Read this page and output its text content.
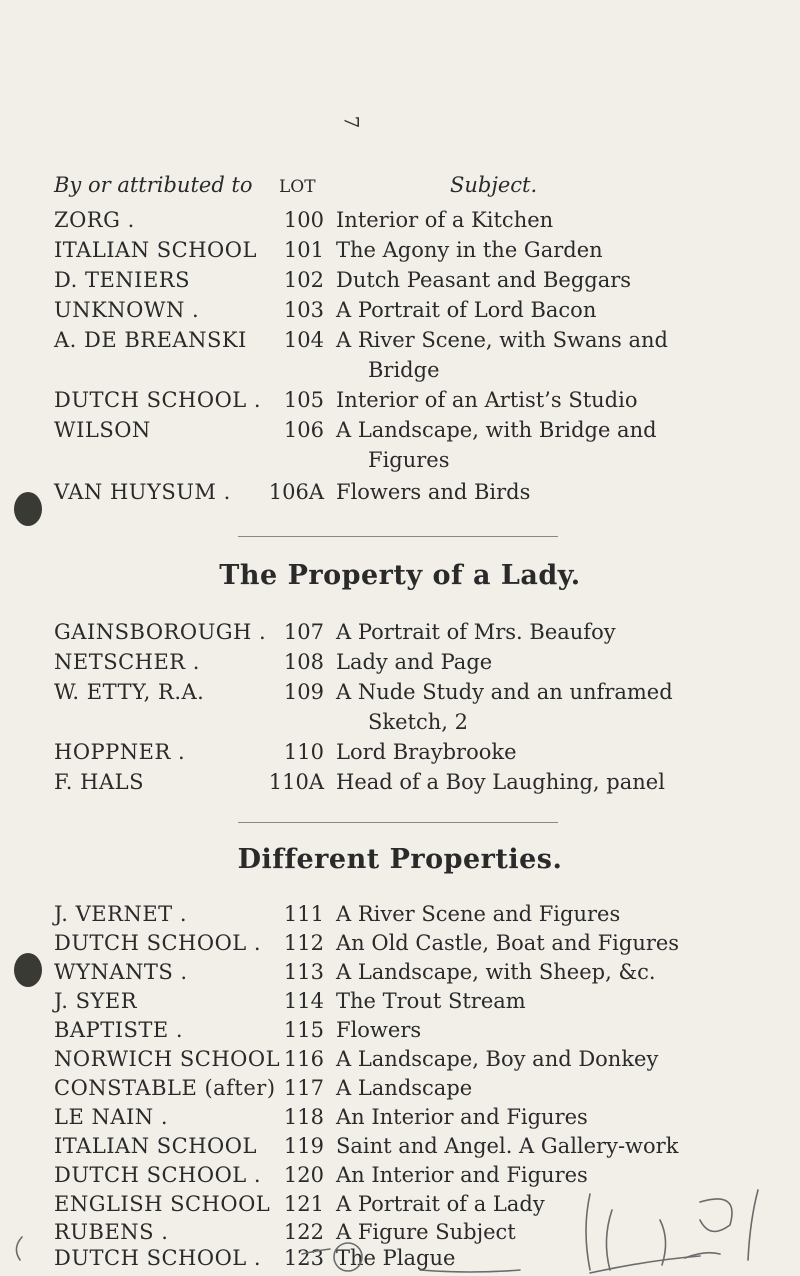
7
By or attributed to LOT	Subject.
ZORG .	100 Interior of a Kitchen
ITALIAN SCHOOL	101 The Agony in the Garden
D. TENIERS	102 Dutch Peasant and Beggars
UNKNOWN .	103 A Portrait of Lord Bacon
A. DE BREANSKI	104 A River Scene, with Swans and
Bridge
DUTCH SCHOOL .	105 Interior of an Artist’s Studio
WILSON	106 A Landscape, with Bridge and
Figures
VAN HUYSUM .	106A Flowers and Birds
The Property of a Lady.
GAINSBOROUGH . 107 A Portrait of Mrs. Beaufoy
NETSCHER .	108 Lady and Page
W. ETTY, R.A.	109 A Nude Study and an unframed
Sketch, 2
HOPPNER .	110 Lord Braybrooke
F. HALS	110A Head of a Boy Laughing, panel
Different Properties.
J. VERNET .	111 A River Scene and Figures
DUTCH SCHOOL .	112 An Old Castle, Boat and Figures
WYNANTS .	113 A Landscape, with Sheep, &c.
J. SYER	114 The Trout Stream
BAPTISTE .	115 Flowers
NORWICH SCHOOL 116 A Landscape, Boy and Donkey
CONSTABLE (after) 117 A Landscape
LE NAIN .	118 An Interior and Figures
ITALIAN SCHOOL	119 Saint and Angel. A Gallery-work
DUTCH SCHOOL .	120 An Interior and Figures
ENGLISH SCHOOL 121 A Portrait of a Lady
RUBENS .	122 A Figure Subject
DUTCH SCHOOL .	123 The Plague
